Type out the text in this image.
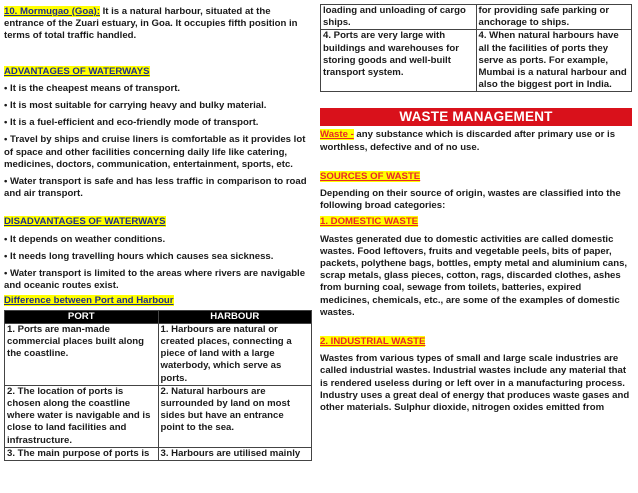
10. Mormugao (Goa): It is a natural harbour, situated at the entrance of the Zuari estuary, in Goa. It occupies fifth position in terms of total traffic handled.

ADVANTAGES OF WATERWAYS

• It is the cheapest means of transport.

• It is most suitable for carrying heavy and bulky material.

• It is a fuel-efficient and eco-friendly mode of transport.

• Travel by ships and cruise liners is comfortable as it provides lot of space and other facilities concerning daily life like catering, medicines, doctors, communication, entertainment, sports, etc.

• Water transport is safe and has less traffic in comparison to road and air transport.

DISADVANTAGES OF WATERWAYS

• It depends on weather conditions.

• It needs long travelling hours which causes sea sickness.

• Water transport is limited to the areas where rivers are navigable and oceanic routes exist.

Difference between Port and Harbour

PORT	HARBOUR
1. Ports are man-made commercial places built along the coastline.	1. Harbours are natural or created places, connecting a piece of land with a large waterbody, which serve as ports.
2. The location of ports is chosen along the coastline where water is navigable and is close to land facilities and infrastructure.	2. Natural harbours are surrounded by land on most sides but have an entrance point to the sea.
3. The main purpose of ports is	3. Harbours are utilised mainly
loading and unloading of cargo ships.	for providing safe parking or anchorage to ships.
4. Ports are very large with buildings and warehouses for storing goods and well-built transport system.	4. When natural harbours have all the facilities of ports they serve as ports. For example, Mumbai is a natural harbour and also the biggest port in India.
WASTE MANAGEMENT

Waste - any substance which is discarded after primary use or is worthless, defective and of no use.

SOURCES OF WASTE

Depending on their source of origin, wastes are classified into the following broad categories:

1. DOMESTIC WASTE

Wastes generated due to domestic activities are called domestic wastes. Food leftovers, fruits and vegetable peels, bits of paper, packets, polythene bags, bottles, empty metal and aluminium cans, scrap metals, glass pieces, cotton, rags, discarded clothes, ashes from burning coal, sewage from toilets, batteries, expired medicines, chemicals, etc., are some of the examples of domestic wastes.

2. INDUSTRIAL WASTE

Wastes from various types of small and large scale industries are called industrial wastes. Industrial wastes include any material that is rendered useless during or left over in a manufacturing process. Industry uses a great deal of energy that produces waste gases and other materials. Sulphur dioxide, nitrogen oxides emitted from
